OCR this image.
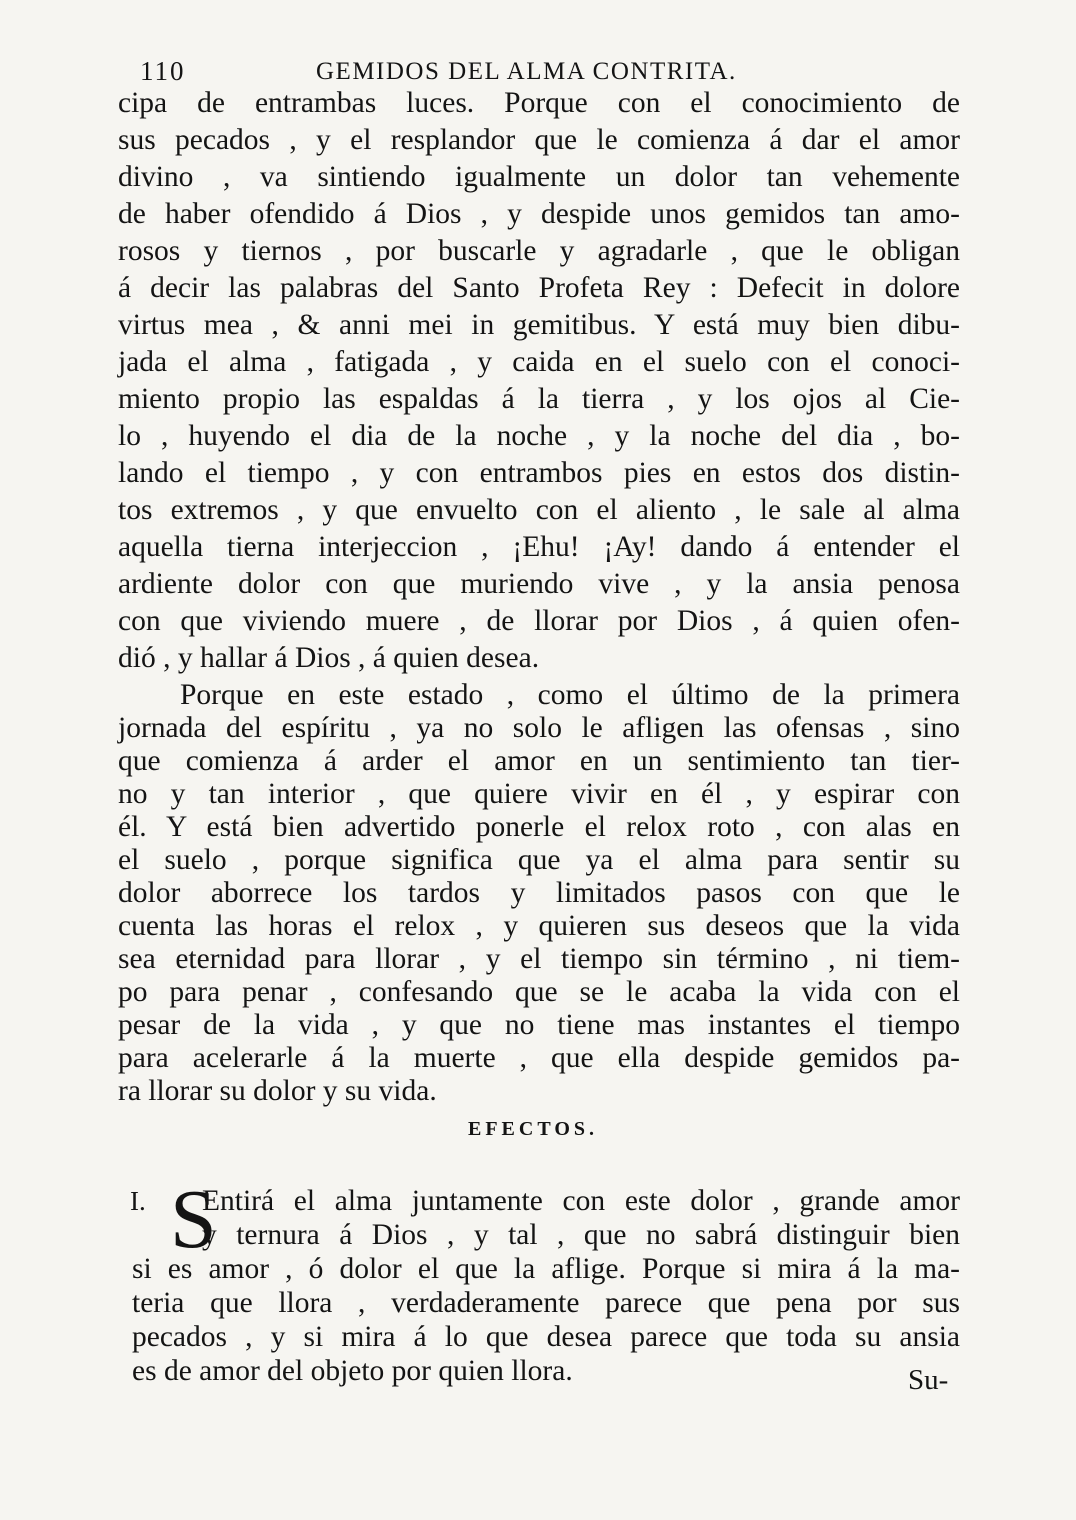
110	GEMIDOS DEL ALMA CONTRITA.
cipa de entrambas luces. Porque con el conocimiento de
sus pecados , y el resplandor que le comienza á dar el amor
divino , va sintiendo igualmente un dolor tan vehemente
de haber ofendido á Dios , y despide unos gemidos tan amo-
rosos y tiernos , por buscarle y agradarle , que le obligan
á decir las palabras del Santo Profeta Rey : Defecit in dolore
virtus mea , & anni mei in gemitibus. Y está muy bien dibu-
jada el alma , fatigada , y caida en el suelo con el conoci-
miento propio las espaldas á la tierra , y los ojos al Cie-
lo , huyendo el dia de la noche , y la noche del dia , bo-
lando el tiempo , y con entrambos pies en estos dos distin-
tos extremos , y que envuelto con el aliento , le sale al alma
aquella tierna interjeccion , ¡Ehu! ¡Ay! dando á entender el
ardiente dolor con que muriendo vive , y la ansia penosa
con que viviendo muere , de llorar por Dios , á quien ofen-
dió , y hallar á Dios , á quien desea.
Porque en este estado , como el último de la primera
jornada del espíritu , ya no solo le afligen las ofensas , sino
que comienza á arder el amor en un sentimiento tan tier-
no y tan interior , que quiere vivir en él , y espirar con
él. Y está bien advertido ponerle el relox roto , con alas en
el suelo , porque significa que ya el alma para sentir su
dolor aborrece los tardos y limitados pasos con que le
cuenta las horas el relox , y quieren sus deseos que la vida
sea eternidad para llorar , y el tiempo sin término , ni tiem-
po para penar , confesando que se le acaba la vida con el
pesar de la vida , y que no tiene mas instantes el tiempo
para acelerarle á la muerte , que ella despide gemidos pa-
ra llorar su dolor y su vida.
EFECTOS.
I. S
Entirá el alma juntamente con este dolor , grande amor
y ternura á Dios , y tal , que no sabrá distinguir bien
si es amor , ó dolor el que la aflige. Porque si mira á la ma-
teria que llora , verdaderamente parece que pena por sus
pecados , y si mira á lo que desea parece que toda su ansia
es de amor del objeto por quien llora.	Su-
